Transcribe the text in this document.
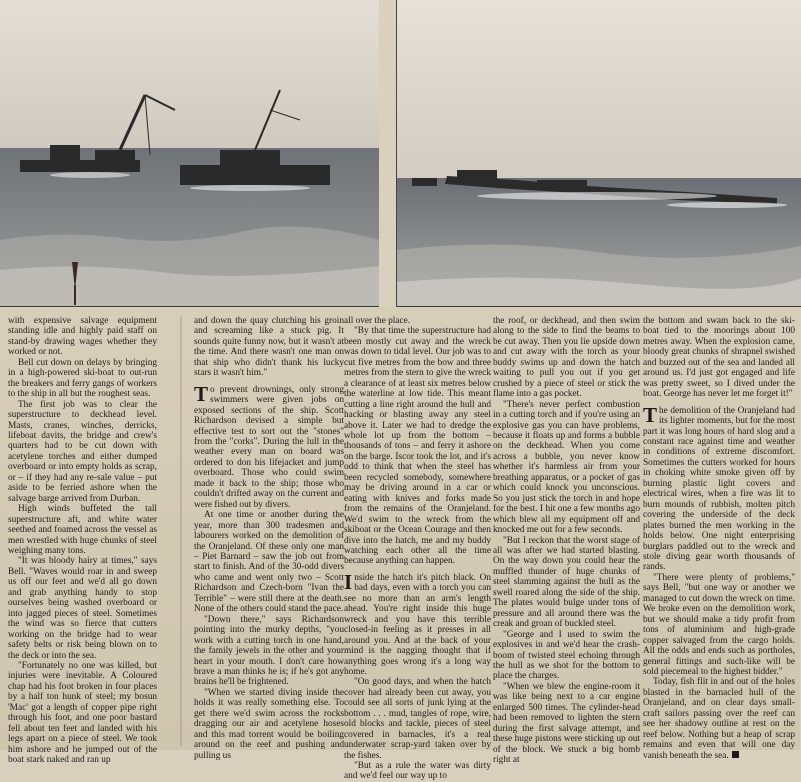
with expensive salvage equipment standing idle and highly paid staff on stand-by drawing wages whether they worked or not.

Bell cut down on delays by bringing in a high-powered ski-boat to out-run the breakers and ferry gangs of workers to the ship in all but the roughest seas.

The first job was to clear the superstructure to deckhead level. Masts, cranes, winches, derricks, lifeboat davits, the bridge and crew's quarters had to be cut down with acetylene torches and either dumped overboard or into empty holds as scrap, or – if they had any re-sale value – put aside to be ferried ashore when the salvage barge arrived from Durban.

High winds buffeted the tall superstructure aft, and white water seethed and foamed across the vessel as men wrestled with huge chunks of steel weighing many tons.

"It was bloody hairy at times," says Bell. "Waves would roar in and sweep us off our feet and we'd all go down and grab anything handy to stop ourselves being washed overboard or into jagged pieces of steel. Sometimes the wind was so fierce that cutters working on the bridge had to wear safety belts or risk being blown on to the deck or into the sea.

"Fortunately no one was killed, but injuries were inevitable. A Coloured chap had his foot broken in four places by a half ton hunk of steel; my bosun 'Mac' got a length of copper pipe right through his foot, and one poor bastard fell about ten feet and landed with his legs apart on a piece of steel. We took him ashore and he jumped out of the boat stark naked and ran up

and down the quay clutching his groin and screaming like a stuck pig. It sounds quite funny now, but it wasn't at the time. And there wasn't one man on that ship who didn't thank his lucky stars it wasn't him."

To prevent drownings, only strong swimmers were given jobs on exposed sections of the ship. Scott Richardson devised a simple but effective test to sort out the "stones" from the "corks". During the lull in the weather every man on board was ordered to don his lifejacket and jump overboard. Those who could swim made it back to the ship; those who couldn't drifted away on the current and were fished out by divers.

At one time or another during the year, more than 300 tradesmen and labourers worked on the demolition of the Oranjeland. Of these only one man – Piet Barnard – saw the job out from start to finish. And of the 30-odd divers who came and went only two – Scott Richardson and Czech-born "Ivan the Terrible" – were still there at the death. None of the others could stand the pace.

"Down there," says Richardson pointing into the murky depths, "you work with a cutting torch in one hand, the family jewels in the other and your heart in your mouth. I don't care how brave a man thinks he is; if he's got any brains he'll be frightened.

"When we started diving inside the holds it was really something else. To get there we'd swim across the rocks dragging our air and acetylene hoses and this mad torrent would be boiling around on the reef and pushing and pulling us

all over the place.

"By that time the superstructure had been mostly cut away and the wreck was down to tidal level. Our job was to cut five metres from the bow and three metres from the stern to give the wreck a clearance of at least six metres below the waterline at low tide. This meant cutting a line right around the hull and hacking or blasting away any steel above it. Later we had to dredge the whole lot up from the bottom – thousands of tons – and ferry it ashore on the barge. Iscor took the lot, and it's odd to think that when the steel has been recycled somebody, somewhere may be driving around in a car or eating with knives and forks made from the remains of the Oranjeland. We'd swim to the wreck from the skiboat or the Ocean Courage and then dive into the hatch, me and my buddy watching each other all the time because anything can happen.

Inside the hatch it's pitch black. On bad days, even with a torch you can see no more than an arm's length ahead. You're right inside this huge wreck and you have this terrible closed-in feeling as it presses in all around you. And at the back of your mind is the nagging thought that if anything goes wrong it's a long way home.

"On good days, and when the hatch cover had already been cut away, you could see all sorts of junk lying at the bottom . . . mud, tangles of rope, wire, old blocks and tackle, pieces of steel covered in barnacles, it's a real underwater scrap-yard taken over by the fishes.

"But as a rule the water was dirty and we'd feel our way up to

the roof, or deckhead, and then swim along to the side to find the beams to be cut away. Then you lie upside down and cut away with the torch as your buddy swims up and down the hatch waiting to pull you out if you get crushed by a piece of steel or stick the flame into a gas pocket.

"There's never perfect combustion in a cutting torch and if you're using an explosive gas you can have problems, because it floats up and forms a bubble on the deckhead. When you come across a bubble, you never know whether it's harmless air from your breathing apparatus, or a pocket of gas which could knock you unconscious. So you just stick the torch in and hope for the best. I hit one a few months ago which blew all my equipment off and knocked me out for a few seconds.

"But I reckon that the worst stage of all was after we had started blasting. On the way down you could hear the muffled thunder of huge chunks of steel slamming against the hull as the swell roared along the side of the ship. The plates would bulge under tons of pressure and all around there was the creak and groan of buckled steel.

"George and I used to swim the explosives in and we'd hear the crash-boom of twisted steel echoing through the hull as we shot for the bottom to place the charges.

"When we blew the engine-room it was like being next to a car engine enlarged 500 times. The cylinder-head had been removed to lighten the stern during the first salvage attempt, and these huge pistons were sticking up out of the block. We stuck a big bomb right at

the bottom and swam back to the ski-boat tied to the moorings about 100 metres away. When the explosion came, bloody great chunks of shrapnel swished and buzzed out of the sea and landed all around us. I'd just got engaged and life was pretty sweet, so I dived under the boat. George has never let me forget it!"

The demolition of the Oranjeland had its lighter moments, but for the most part it was long hours of hard slog and a constant race against time and weather in conditions of extreme discomfort. Sometimes the cutters worked for hours in choking white smoke given off by burning plastic light covers and electrical wires, when a fire was lit to burn mounds of rubbish, molten pitch covering the underside of the deck plates burned the men working in the holds below. One night enterprising burglars paddled out to the wreck and stole diving gear worth thousands of rands.

"There were plenty of problems," says Bell, "but one way or another we managed to cut down the wreck on time. We broke even on the demolition work, but we should make a tidy profit from tons of aluminium and high-grade copper salvaged from the cargo holds. All the odds and ends such as portholes, general fittings and such-like will be sold piecemeal to the highest bidder."

Today, fish flit in and out of the holes blasted in the barnacled hull of the Oranjeland, and on clear days small-craft sailors passing over the reef can see her shadowy outline at rest on the reef below. Nothing but a heap of scrap remains and even that will one day vanish beneath the sea.
